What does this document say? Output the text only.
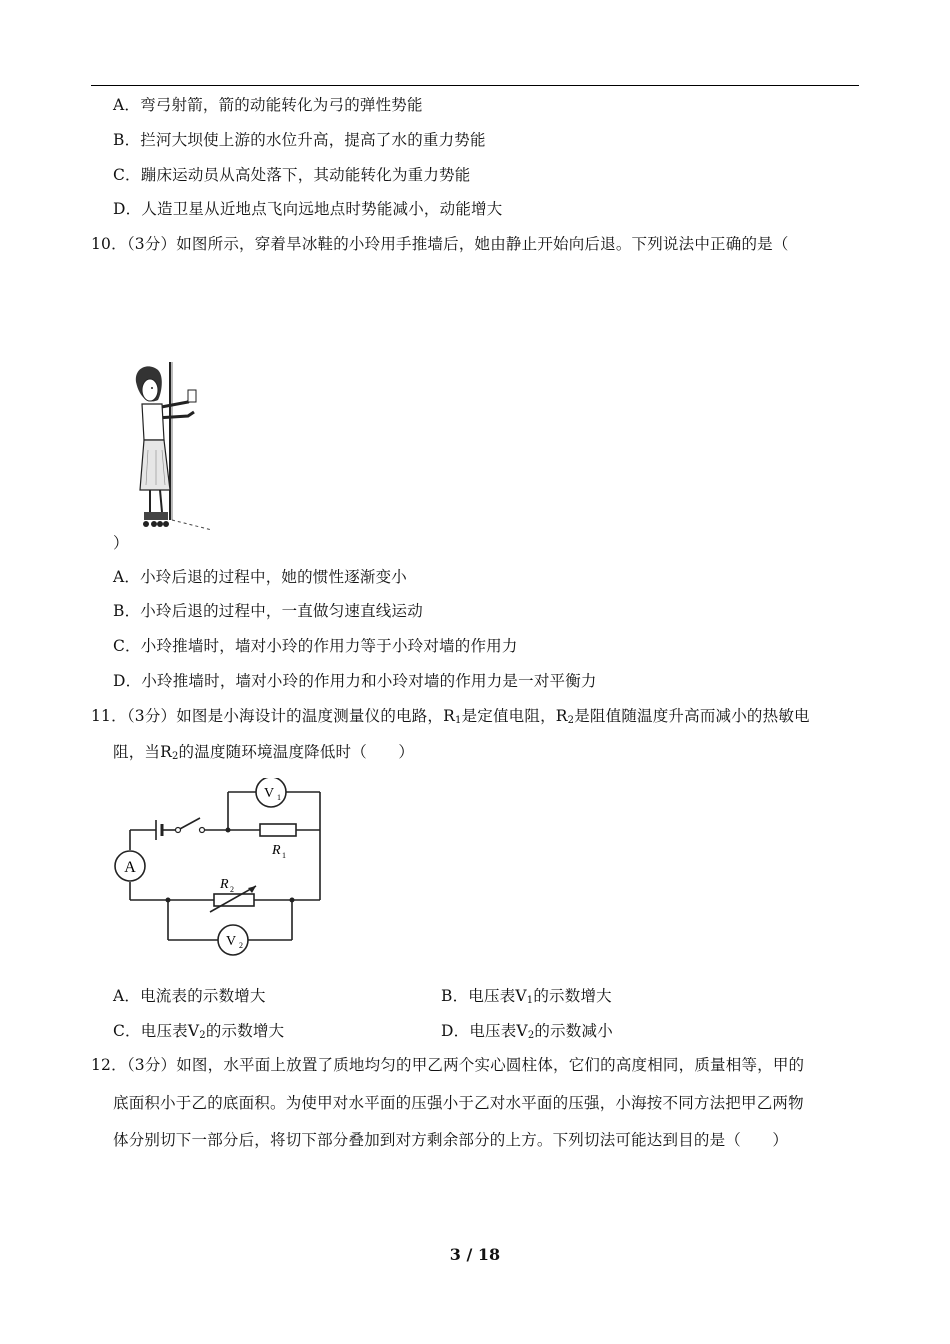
A．弯弓射箭，箭的动能转化为弓的弹性势能
B．拦河大坝使上游的水位升高，提高了水的重力势能
C．蹦床运动员从高处落下，其动能转化为重力势能
D．人造卫星从近地点飞向远地点时势能减小，动能增大
10．（3分）如图所示，穿着旱冰鞋的小玲用手推墙后，她由静止开始向后退。下列说法中正确的是（
）
A．小玲后退的过程中，她的惯性逐渐变小
B．小玲后退的过程中，一直做匀速直线运动
C．小玲推墙时，墙对小玲的作用力等于小玲对墙的作用力
D．小玲推墙时，墙对小玲的作用力和小玲对墙的作用力是一对平衡力
11．（3分）如图是小海设计的温度测量仪的电路，$R_1$是定值电阻，$R_2$是阻值随温度升高而减小的热敏电
阻，当$R_2$的温度随环境温度降低时（　　）
A
V 1
V 2
R 1
R 2
A．电流表的示数增大	B．电压表$V_1$的示数增大
C．电压表$V_2$的示数增大	D．电压表$V_2$的示数减小
12．（3分）如图，水平面上放置了质地均匀的甲乙两个实心圆柱体，它们的高度相同，质量相等，甲的
底面积小于乙的底面积。为使甲对水平面的压强小于乙对水平面的压强，小海按不同方法把甲乙两物
体分别切下一部分后，将切下部分叠加到对方剩余部分的上方。下列切法可能达到目的是（　　）
3 / 18
